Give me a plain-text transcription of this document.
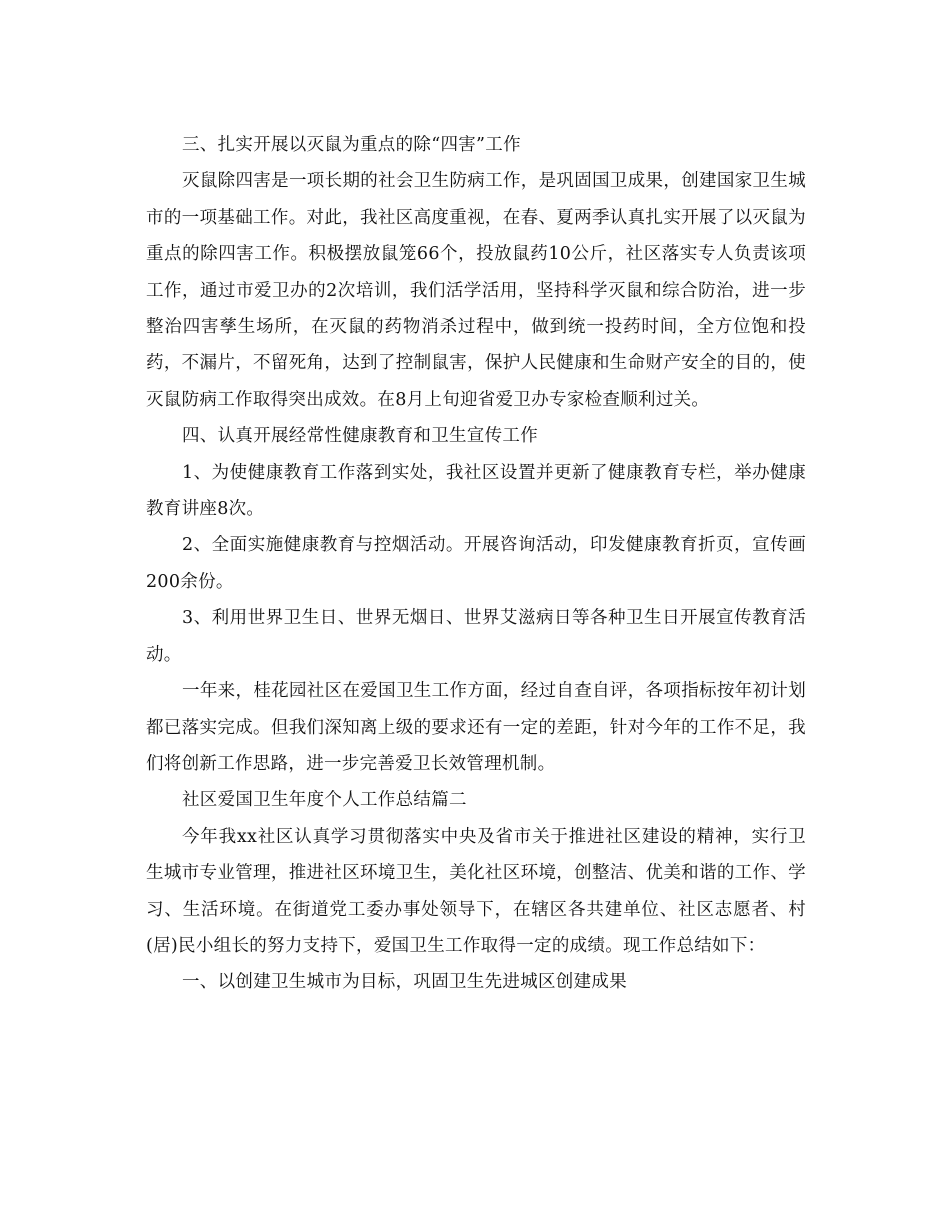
三、扎实开展以灭鼠为重点的除“四害”工作

灭鼠除四害是一项长期的社会卫生防病工作，是巩固国卫成果，创建国家卫生城市的一项基础工作。对此，我社区高度重视，在春、夏两季认真扎实开展了以灭鼠为重点的除四害工作。积极摆放鼠笼66个，投放鼠药10公斤，社区落实专人负责该项工作，通过市爱卫办的2次培训，我们活学活用，坚持科学灭鼠和综合防治，进一步整治四害孳生场所，在灭鼠的药物消杀过程中，做到统一投药时间，全方位饱和投药，不漏片，不留死角，达到了控制鼠害，保护人民健康和生命财产安全的目的，使灭鼠防病工作取得突出成效。在8月上旬迎省爱卫办专家检查顺利过关。

四、认真开展经常性健康教育和卫生宣传工作

1、为使健康教育工作落到实处，我社区设置并更新了健康教育专栏，举办健康教育讲座8次。

2、全面实施健康教育与控烟活动。开展咨询活动，印发健康教育折页，宣传画200余份。

3、利用世界卫生日、世界无烟日、世界艾滋病日等各种卫生日开展宣传教育活动。

一年来，桂花园社区在爱国卫生工作方面，经过自查自评，各项指标按年初计划都已落实完成。但我们深知离上级的要求还有一定的差距，针对今年的工作不足，我们将创新工作思路，进一步完善爱卫长效管理机制。

社区爱国卫生年度个人工作总结篇二

今年我xx社区认真学习贯彻落实中央及省市关于推进社区建设的精神，实行卫生城市专业管理，推进社区环境卫生，美化社区环境，创整洁、优美和谐的工作、学习、生活环境。在街道党工委办事处领导下，在辖区各共建单位、社区志愿者、村(居)民小组长的努力支持下，爱国卫生工作取得一定的成绩。现工作总结如下：

一、以创建卫生城市为目标，巩固卫生先进城区创建成果
